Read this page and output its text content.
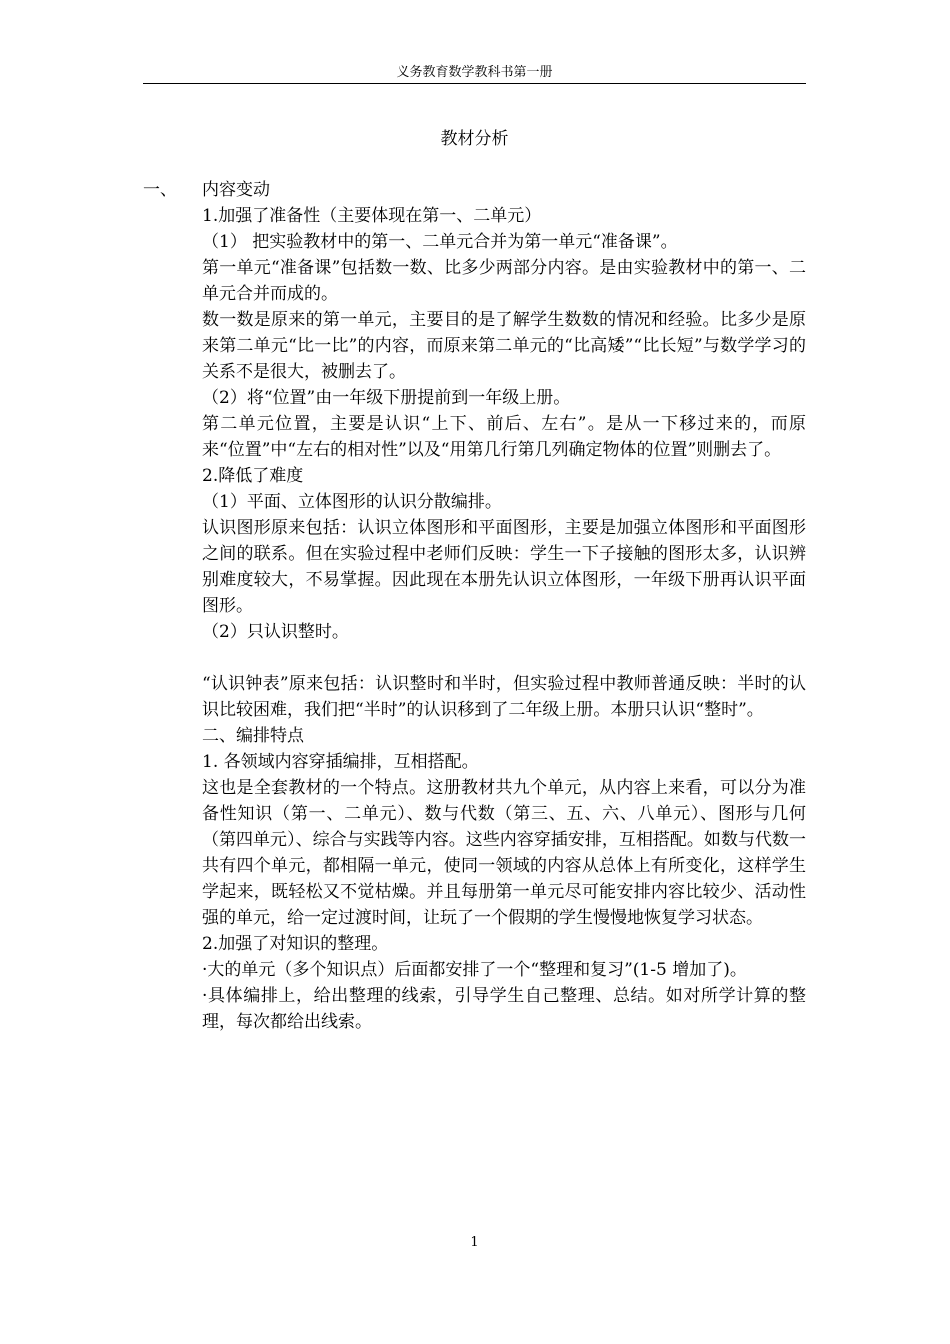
义务教育数学教科书第一册
教材分析
一、 内容变动

1.加强了准备性（主要体现在第一、二单元）

（1） 把实验教材中的第一、二单元合并为第一单元“准备课”。

第一单元“准备课”包括数一数、比多少两部分内容。是由实验教材中的第一、二单元合并而成的。

数一数是原来的第一单元，主要目的是了解学生数数的情况和经验。比多少是原来第二单元“比一比”的内容，而原来第二单元的“比高矮”“比长短”与数学学习的关系不是很大，被删去了。

（2）将“位置”由一年级下册提前到一年级上册。

第二单元位置，主要是认识“上下、前后、左右”。是从一下移过来的，而原来“位置”中“左右的相对性”以及“用第几行第几列确定物体的位置”则删去了。

2.降低了难度

（1）平面、立体图形的认识分散编排。

认识图形原来包括：认识立体图形和平面图形，主要是加强立体图形和平面图形之间的联系。但在实验过程中老师们反映：学生一下子接触的图形太多，认识辨别难度较大，不易掌握。因此现在本册先认识立体图形，一年级下册再认识平面图形。

（2）只认识整时。

“认识钟表”原来包括：认识整时和半时，但实验过程中教师普通反映：半时的认识比较困难，我们把“半时”的认识移到了二年级上册。本册只认识“整时”。

二、编排特点

1. 各领域内容穿插编排，互相搭配。

这也是全套教材的一个特点。这册教材共九个单元，从内容上来看，可以分为准备性知识（第一、二单元）、数与代数（第三、五、六、八单元）、图形与几何（第四单元）、综合与实践等内容。这些内容穿插安排，互相搭配。如数与代数一共有四个单元，都相隔一单元，使同一领域的内容从总体上有所变化，这样学生学起来，既轻松又不觉枯燥。并且每册第一单元尽可能安排内容比较少、活动性强的单元，给一定过渡时间，让玩了一个假期的学生慢慢地恢复学习状态。

2.加强了对知识的整理。

·大的单元（多个知识点）后面都安排了一个“整理和复习”(1-5 增加了)。

·具体编排上，给出整理的线索，引导学生自己整理、总结。如对所学计算的整理，每次都给出线索。

1
